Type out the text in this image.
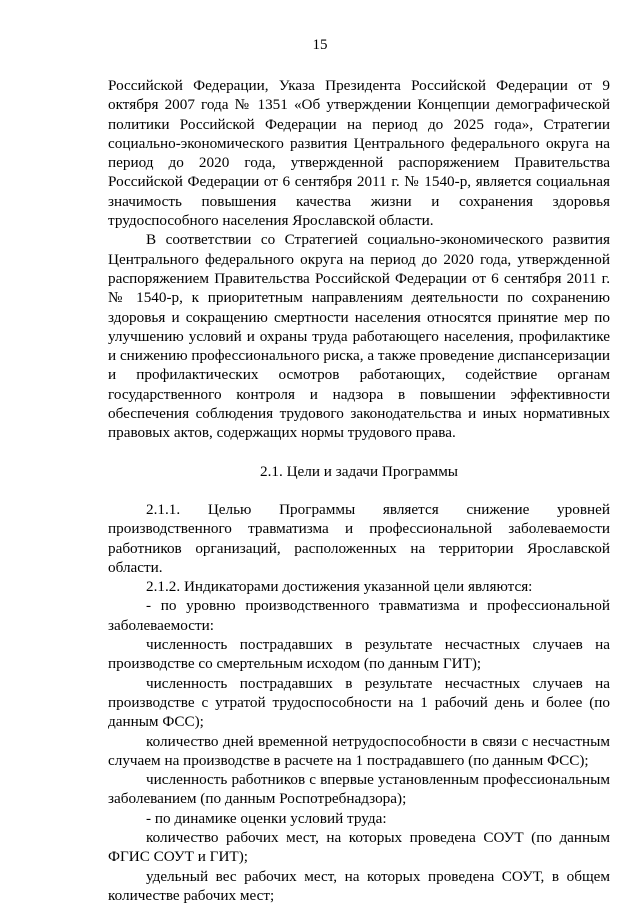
15

Российской Федерации, Указа Президента Российской Федерации от 9 октября 2007 года № 1351 «Об утверждении Концепции демографической политики Российской Федерации на период до 2025 года», Стратегии социально-экономического развития Центрального федерального округа на период до 2020 года, утвержденной распоряжением Правительства Российской Федерации от 6 сентября 2011 г. № 1540-р, является социальная значимость повышения качества жизни и сохранения здоровья трудоспособного населения Ярославской области.

В соответствии со Стратегией социально-экономического развития Центрального федерального округа на период до 2020 года, утвержденной распоряжением Правительства Российской Федерации от 6 сентября 2011 г. № 1540-р, к приоритетным направлениям деятельности по сохранению здоровья и сокращению смертности населения относятся принятие мер по улучшению условий и охраны труда работающего населения, профилактике и снижению профессионального риска, а также проведение диспансеризации и профилактических осмотров работающих, содействие органам государственного контроля и надзора в повышении эффективности обеспечения соблюдения трудового законодательства и иных нормативных правовых актов, содержащих нормы трудового права.

2.1. Цели и задачи Программы

2.1.1. Целью Программы является снижение уровней производственного травматизма и профессиональной заболеваемости работников организаций, расположенных на территории Ярославской области.

2.1.2. Индикаторами достижения указанной цели являются:

- по уровню производственного травматизма и профессиональной заболеваемости:

численность пострадавших в результате несчастных случаев на производстве со смертельным исходом (по данным ГИТ);

численность пострадавших в результате несчастных случаев на производстве с утратой трудоспособности на 1 рабочий день и более (по данным ФСС);

количество дней временной нетрудоспособности в связи с несчастным случаем на производстве в расчете на 1 пострадавшего (по данным ФСС);

численность работников с впервые установленным профессиональным заболеванием (по данным Роспотребнадзора);

- по динамике оценки условий труда:

количество рабочих мест, на которых проведена СОУТ (по данным ФГИС СОУТ и ГИТ);

удельный вес рабочих мест, на которых проведена СОУТ, в общем количестве рабочих мест;
